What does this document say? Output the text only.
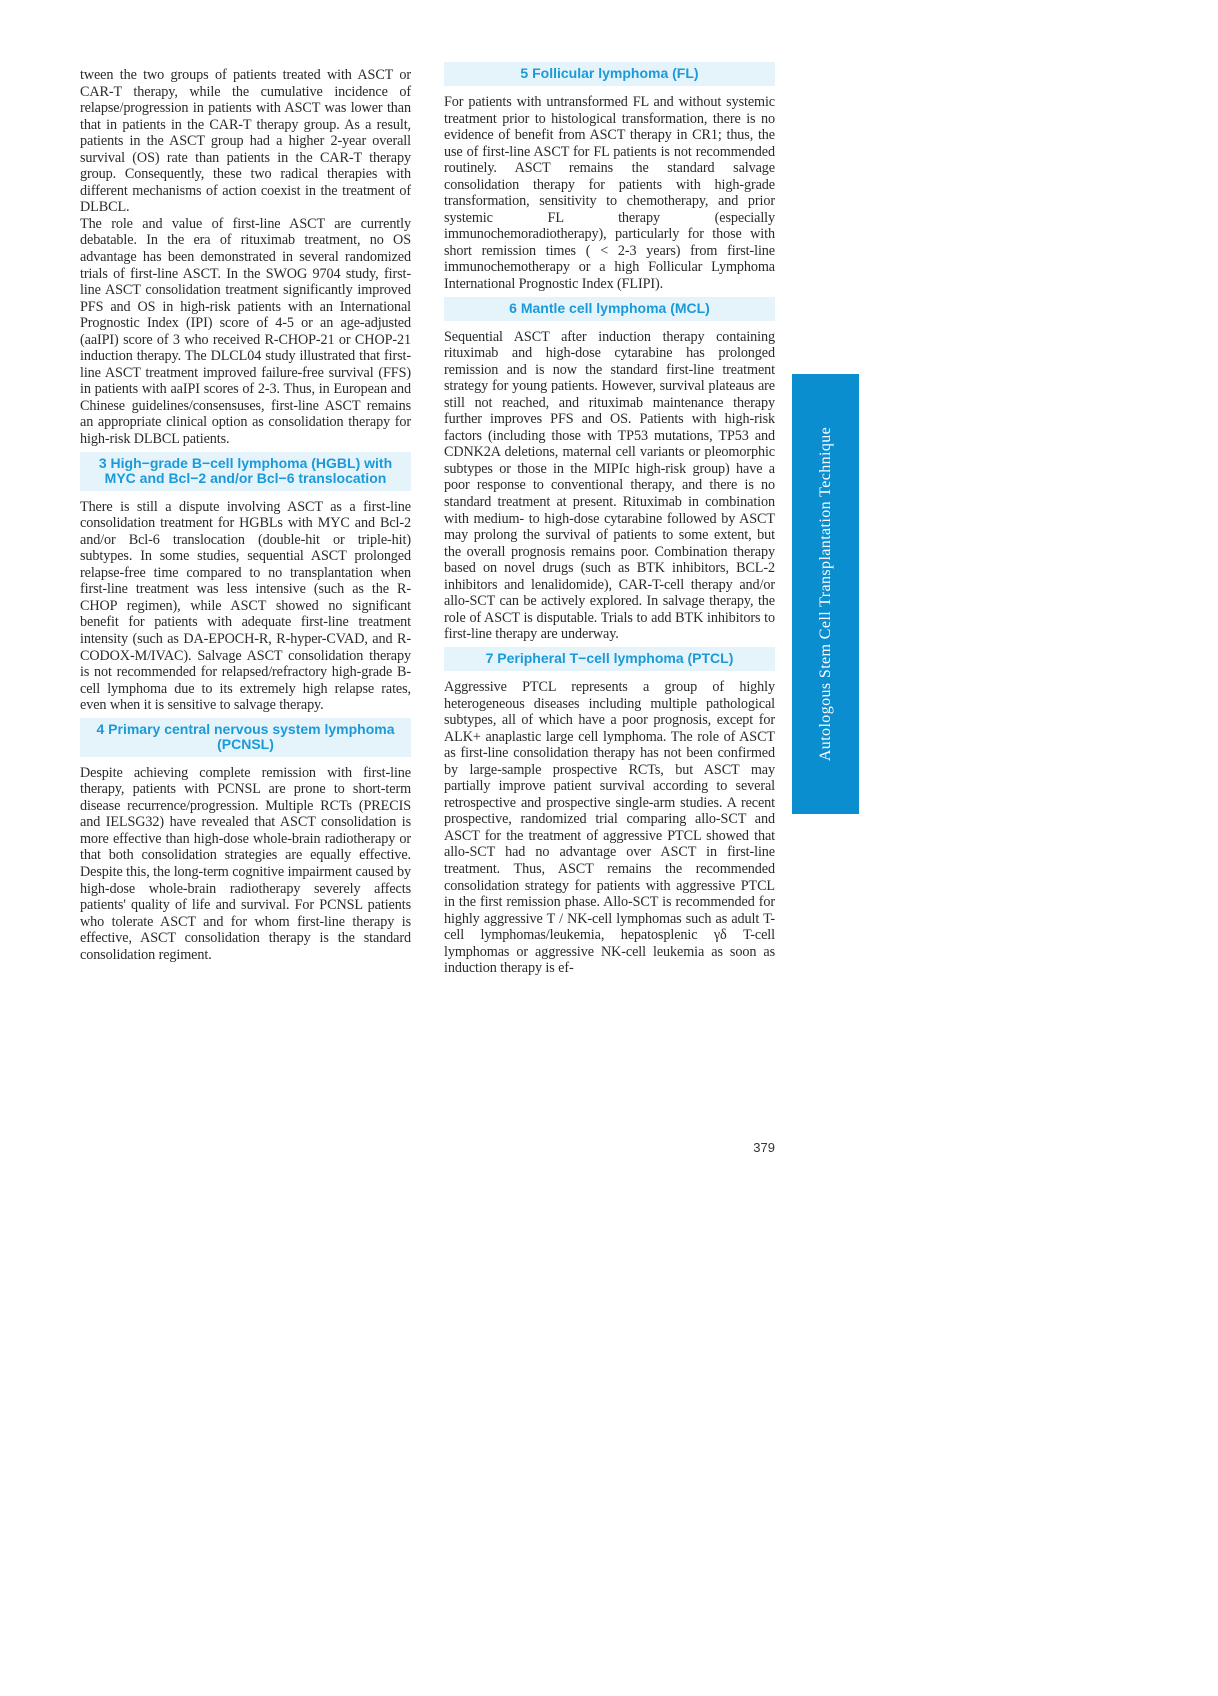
tween the two groups of patients treated with ASCT or CAR-T therapy, while the cumulative incidence of relapse/progression in patients with ASCT was lower than that in patients in the CAR-T therapy group. As a result, patients in the ASCT group had a higher 2-year overall survival (OS) rate than patients in the CAR-T therapy group. Consequently, these two radical therapies with different mechanisms of action coexist in the treatment of DLBCL.

The role and value of first-line ASCT are currently debatable. In the era of rituximab treatment, no OS advantage has been demonstrated in several randomized trials of first-line ASCT. In the SWOG 9704 study, first-line ASCT consolidation treatment significantly improved PFS and OS in high-risk patients with an International Prognostic Index (IPI) score of 4-5 or an age-adjusted (aaIPI) score of 3 who received R-CHOP-21 or CHOP-21 induction therapy. The DLCL04 study illustrated that first-line ASCT treatment improved failure-free survival (FFS) in patients with aaIPI scores of 2-3. Thus, in European and Chinese guidelines/consensuses, first-line ASCT remains an appropriate clinical option as consolidation therapy for high-risk DLBCL patients.

3 High−grade B−cell lymphoma (HGBL) with MYC and Bcl−2 and/or Bcl−6 translocation

There is still a dispute involving ASCT as a first-line consolidation treatment for HGBLs with MYC and Bcl-2 and/or Bcl-6 translocation (double-hit or triple-hit) subtypes. In some studies, sequential ASCT prolonged relapse-free time compared to no transplantation when first-line treatment was less intensive (such as the R-CHOP regimen), while ASCT showed no significant benefit for patients with adequate first-line treatment intensity (such as DA-EPOCH-R, R-hyper-CVAD, and R-CODOX-M/IVAC). Salvage ASCT consolidation therapy is not recommended for relapsed/refractory high-grade B-cell lymphoma due to its extremely high relapse rates, even when it is sensitive to salvage therapy.

4 Primary central nervous system lymphoma (PCNSL)

Despite achieving complete remission with first-line therapy, patients with PCNSL are prone to short-term disease recurrence/progression. Multiple RCTs (PRECIS and IELSG32) have revealed that ASCT consolidation is more effective than high-dose whole-brain radiotherapy or that both consolidation strategies are equally effective. Despite this, the long-term cognitive impairment caused by high-dose whole-brain radiotherapy severely affects patients' quality of life and survival. For PCNSL patients who tolerate ASCT and for whom first-line therapy is effective, ASCT consolidation therapy is the standard consolidation regiment.

5 Follicular lymphoma (FL)

For patients with untransformed FL and without systemic treatment prior to histological transformation, there is no evidence of benefit from ASCT therapy in CR1; thus, the use of first-line ASCT for FL patients is not recommended routinely. ASCT remains the standard salvage consolidation therapy for patients with high-grade transformation, sensitivity to chemotherapy, and prior systemic FL therapy (especially immunochemoradiotherapy), particularly for those with short remission times ( < 2-3 years) from first-line immunochemotherapy or a high Follicular Lymphoma International Prognostic Index (FLIPI).

6 Mantle cell lymphoma (MCL)

Sequential ASCT after induction therapy containing rituximab and high-dose cytarabine has prolonged remission and is now the standard first-line treatment strategy for young patients. However, survival plateaus are still not reached, and rituximab maintenance therapy further improves PFS and OS. Patients with high-risk factors (including those with TP53 mutations, TP53 and CDNK2A deletions, maternal cell variants or pleomorphic subtypes or those in the MIPIc high-risk group) have a poor response to conventional therapy, and there is no standard treatment at present. Rituximab in combination with medium- to high-dose cytarabine followed by ASCT may prolong the survival of patients to some extent, but the overall prognosis remains poor. Combination therapy based on novel drugs (such as BTK inhibitors, BCL-2 inhibitors and lenalidomide), CAR-T-cell therapy and/or allo-SCT can be actively explored. In salvage therapy, the role of ASCT is disputable. Trials to add BTK inhibitors to first-line therapy are underway.

7 Peripheral T−cell lymphoma (PTCL)

Aggressive PTCL represents a group of highly heterogeneous diseases including multiple pathological subtypes, all of which have a poor prognosis, except for ALK+ anaplastic large cell lymphoma. The role of ASCT as first-line consolidation therapy has not been confirmed by large-sample prospective RCTs, but ASCT may partially improve patient survival according to several retrospective and prospective single-arm studies. A recent prospective, randomized trial comparing allo-SCT and ASCT for the treatment of aggressive PTCL showed that allo-SCT had no advantage over ASCT in first-line treatment. Thus, ASCT remains the recommended consolidation strategy for patients with aggressive PTCL in the first remission phase. Allo-SCT is recommended for highly aggressive T / NK-cell lymphomas such as adult T-cell lymphomas/leukemia, hepatosplenic γδ T-cell lymphomas or aggressive NK-cell leukemia as soon as induction therapy is ef-

Autologous Stem Cell Transplantation Technique
379
